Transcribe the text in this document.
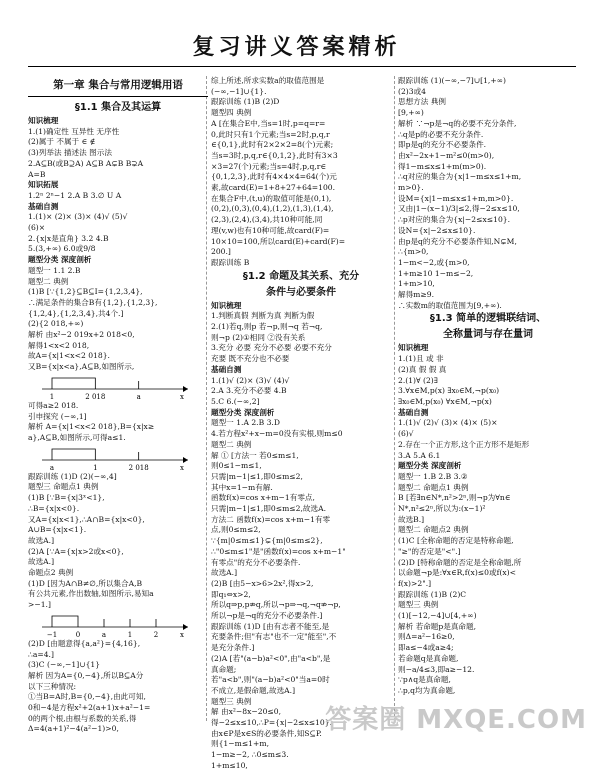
复习讲义答案精析
第一章 集合与常用逻辑用语
§1.1 集合及其运算
知识梳理
1.(1)确定性 互异性 无序性
(2)属于 不属于 ∈ ∉
(3)列举法 描述法 图示法
2.A⊆B(或B⊇A) A⊆B A⊊B B⊋A
A=B
知识拓展
1.2ⁿ 2ⁿ−1 2.A B 3.∅ U A
基础自测
1.(1)× (2)× (3)× (4)√ (5)√
(6)×
2.{x|x是直角} 3.2 4.B
5.(3,+∞) 6.0或9/8
题型分类 深度剖析
题型一 1.1 2.B
题型二 典例
(1)B [∵{1,2}⊆B⊆I={1,2,3,4},
∴满足条件的集合B有{1,2},{1,2,3},
{1,2,4},{1,2,3,4},共4个.]
(2){2 018,+∞)
解析 由x²−2 019x+2 018<0,
解得1<x<2 018,
故A={x|1<x<2 018}.
又B={x|x<a},A⊆B,如图所示,
1	2 018	a	x
可得a≥2 018.
引申探究 (−∞,1]
解析 A={x|1<x<2 018},B={x|x≥
a},A⊆B,如图所示,可得a≤1.
a	1	2 018	x
跟踪训练 (1)D (2)(−∞,4]
题型三 命题点1 典例
(1)B [∵B={x|3ˣ<1},
∴B={x|x<0}.
又A={x|x<1},∴A∩B={x|x<0},
A∪B={x|x<1}.
故选A.]
(2)A [∵A={x|x>2或x<0},
故选A.]
命题点2 典例
(1)D [因为A∩B≠∅,所以集合A,B
有公共元素,作出数轴,如图所示,易知a
>−1.]
−1	0	a	1	2	x
(2)D [由题意得{a,a²}={4,16},
∴a=4.]
(3)C (−∞,−1]∪{1}
解析 因为A={0,−4},所以B⊆A分
以下三种情况:
①当B=A时,B={0,−4},由此可知,
0和−4是方程x²+2(a+1)x+a²−1=
0的两个根,由根与系数的关系,得
Δ=4(a+1)²−4(a²−1)>0,
综上所述,所求实数a的取值范围是
(−∞,−1]∪{1}.
跟踪训练 (1)B (2)D
题型四 典例
A [在集合E中,当s=1时,p=q=r=
0,此时只有1个元素;当s=2时,p,q,r
∈{0,1},此时有2×2×2=8(个)元素;
当s=3时,p,q,r∈{0,1,2},此时有3×3
×3=27(个)元素;当s=4时,p,q,r∈
{0,1,2,3},此时有4×4×4=64(个)元
素,故card(E)=1+8+27+64=100.
在集合F中,(t,u)的取值可能是(0,1),
(0,2),(0,3),(0,4),(1,2),(1,3),(1,4),
(2,3),(2,4),(3,4),共10种可能,同
理(v,w)也有10种可能,故card(F)=
10×10=100,所以card(E)+card(F)=
200.]
跟踪训练 B
§1.2 命题及其关系、充分
条件与必要条件
知识梳理
1.判断真假 判断为真 判断为假
2.(1)若q,则p 若¬p,则¬q 若¬q,
则¬p (2)①相同 ②没有关系
3.充分 必要 充分不必要 必要不充分
充要 既不充分也不必要
基础自测
1.(1)√ (2)× (3)√ (4)√
2.A 3.充分不必要 4.B
5.C 6.(−∞,2]
题型分类 深度剖析
题型一 1.A 2.B 3.D
4.若方程x²+x−m=0没有实根,则m≤0
题型二 典例
解 ① [方法一 若0≤m≤1,
则0≤1−m≤1,
只需|m−1|≤1,即0≤m≤2,
其中x=1−m有解.
函数f(x)=cos x+m−1有零点,
只需|m−1|≤1,即0≤m≤2,故选A.
方法二 函数f(x)=cos x+m−1有零
点,则0≤m≤2,
∵{m|0≤m≤1}⊊{m|0≤m≤2},
∴"0≤m≤1"是"函数f(x)=cos x+m−1"
有零点"的充分不必要条件.
故选A.]
(2)B [由5−x>6>2x²,得x>2,
即q₁⇔x>2,
所以q⇒p,p⇏q,所以¬p⇒¬q,¬q⇏¬p,
所以¬p是¬q的充分不必要条件.]
跟踪训练 (1)D [由有志者不能至,是
充要条件;但"有志"也不一定"能至",不
是充分条件.]
(2)A [若"(a−b)a²<0",由"a<b",是
真命题;
若"a<b",则"(a−b)a²<0"当a=0时
不成立,是假命题,故选A.]
题型三 典例
解 由x²−8x−20≤0,
得−2≤x≤10,∴P={x|−2≤x≤10}.
由x∈P是x∈S的必要条件,知S⊆P.
则{1−m≤1+m,
1−m≥−2, ∴0≤m≤3.
1+m≤10,
跟踪训练 (1)(−∞,−7]∪[1,+∞)
(2)3或4
思想方法 典例
[9,+∞)
解析 ∵¬p是¬q的必要不充分条件,
∴q是p的必要不充分条件.
即p是q的充分不必要条件.
由x²−2x+1−m²≤0(m>0),
得1−m≤x≤1+m(m>0).
∴q对应的集合为{x|1−m≤x≤1+m,
m>0}.
设M={x|1−m≤x≤1+m,m>0}.
又由|1−(x−1)/3|≤2,得−2≤x≤10,
∴p对应的集合为{x|−2≤x≤10}.
设N={x|−2≤x≤10}.
由p是q的充分不必要条件知,N⊊M,
∴{m>0,
1−m<−2,或{m>0,
1+m≥10 1−m≤−2,
1+m>10,
解得m≥9.
∴实数m的取值范围为[9,+∞).
§1.3 简单的逻辑联结词、
全称量词与存在量词
知识梳理
1.(1)且 或 非
(2)真 假 假 真
2.(1)∀ (2)∃
3.∀x∈M,p(x) ∃x₀∈M,¬p(x₀)
∃x₀∈M,p(x₀) ∀x∈M,¬p(x)
基础自测
1.(1)√ (2)√ (3)× (4)× (5)×
(6)√
2.存在一个正方形,这个正方形不是矩形
3.A 5.A 6.1
题型分类 深度剖析
题型一 1.B 2.B 3.②
题型二 命题点1 典例
B [若∃n∈N*,n²>2ⁿ,则¬p为∀n∈
N*,n²≤2ⁿ,所以为:(x−1)²
故选B.]
题型二 命题点2 典例
(1)C [全称命题的否定是特称命题,
"≥"的否定是"<".]
(2)D [特称命题的否定是全称命题,所
以命题¬p是:∀x∈R,f(x)≤0或f(x)<
f(x)>2".]
跟踪训练 (1)B (2)C
题型三 典例
(1)[−12,−4]∪[4,+∞)
解析 若命题p是真命题,
则Δ=a²−16≥0,
即a≤−4或a≥4;
若命题q是真命题,
则−a/4≤3,即a≥−12.
∵p∧q是真命题,
∴p,q均为真命题,
答案圈 MXQE.COM
